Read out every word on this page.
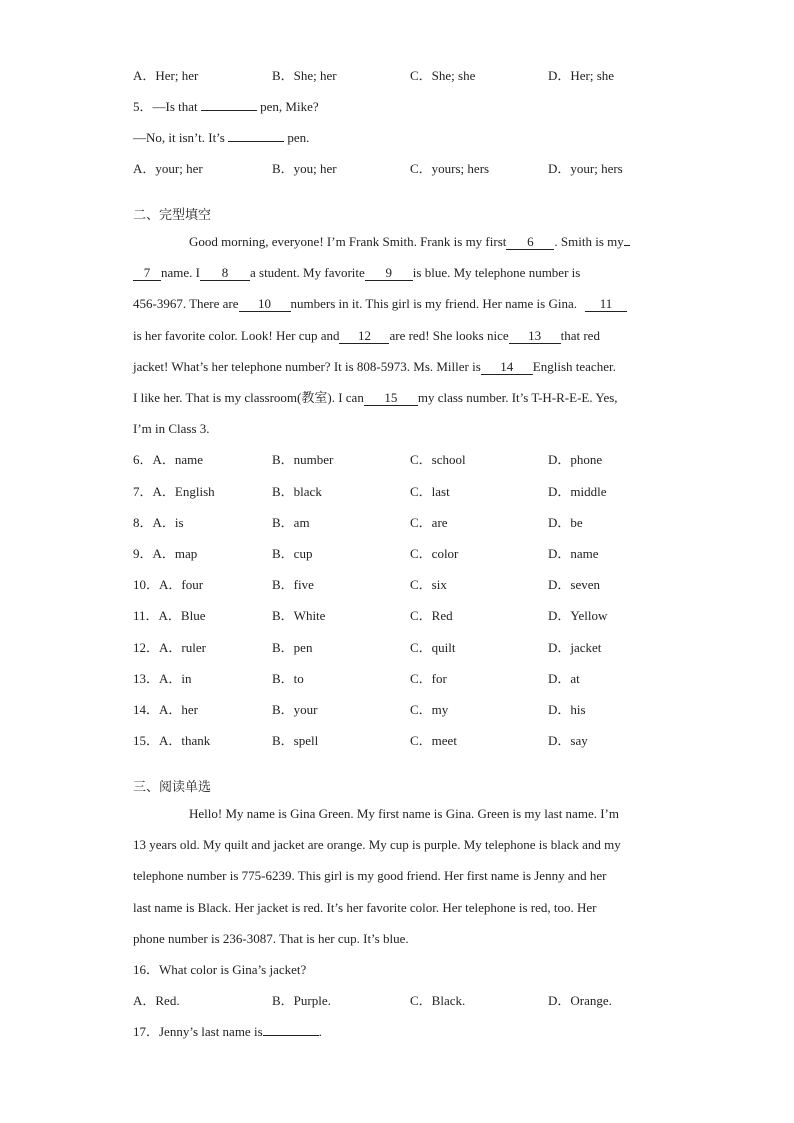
A．Her; her	B．She; her	C．She; she	D．Her; she
5．—Is that	pen, Mike?
—No, it isn’t. It’s	pen.
A．your; her	B．you; her	C．yours; hers	D．your; hers
二、完型填空
Good morning, everyone! I’m Frank Smith. Frank is my first 6 . Smith is my
7 name. I 8 a student. My favorite 9 is blue. My telephone number is
456-3967. There are 10 numbers in it. This girl is my friend. Her name is Gina. 11
is her favorite color. Look! Her cup and 12 are red! She looks nice 13 that red
jacket! What’s her telephone number? It is 808-5973. Ms. Miller is 14 English teacher.
I like her. That is my classroom(教室). I can 15 my class number. It’s T-H-R-E-E. Yes,
I’m in Class 3.
6．A．name	B．number	C．school	D．phone
7．A．English	B．black	C．last	D．middle
8．A．is	B．am	C．are	D．be
9．A．map	B．cup	C．color	D．name
10．A．four	B．five	C．six	D．seven
11．A．Blue	B．White	C．Red	D．Yellow
12．A．ruler	B．pen	C．quilt	D．jacket
13．A．in	B．to	C．for	D．at
14．A．her	B．your	C．my	D．his
15．A．thank	B．spell	C．meet	D．say
三、阅读单选
Hello! My name is Gina Green. My first name is Gina. Green is my last name. I’m
13 years old. My quilt and jacket are orange. My cup is purple. My telephone is black and my
telephone number is 775-6239. This girl is my good friend. Her first name is Jenny and her
last name is Black. Her jacket is red. It’s her favorite color. Her telephone is red, too. Her
phone number is 236-3087. That is her cup. It’s blue.
16．What color is Gina’s jacket?
A．Red.	B．Purple.	C．Black.	D．Orange.
17．Jenny’s last name is	.
